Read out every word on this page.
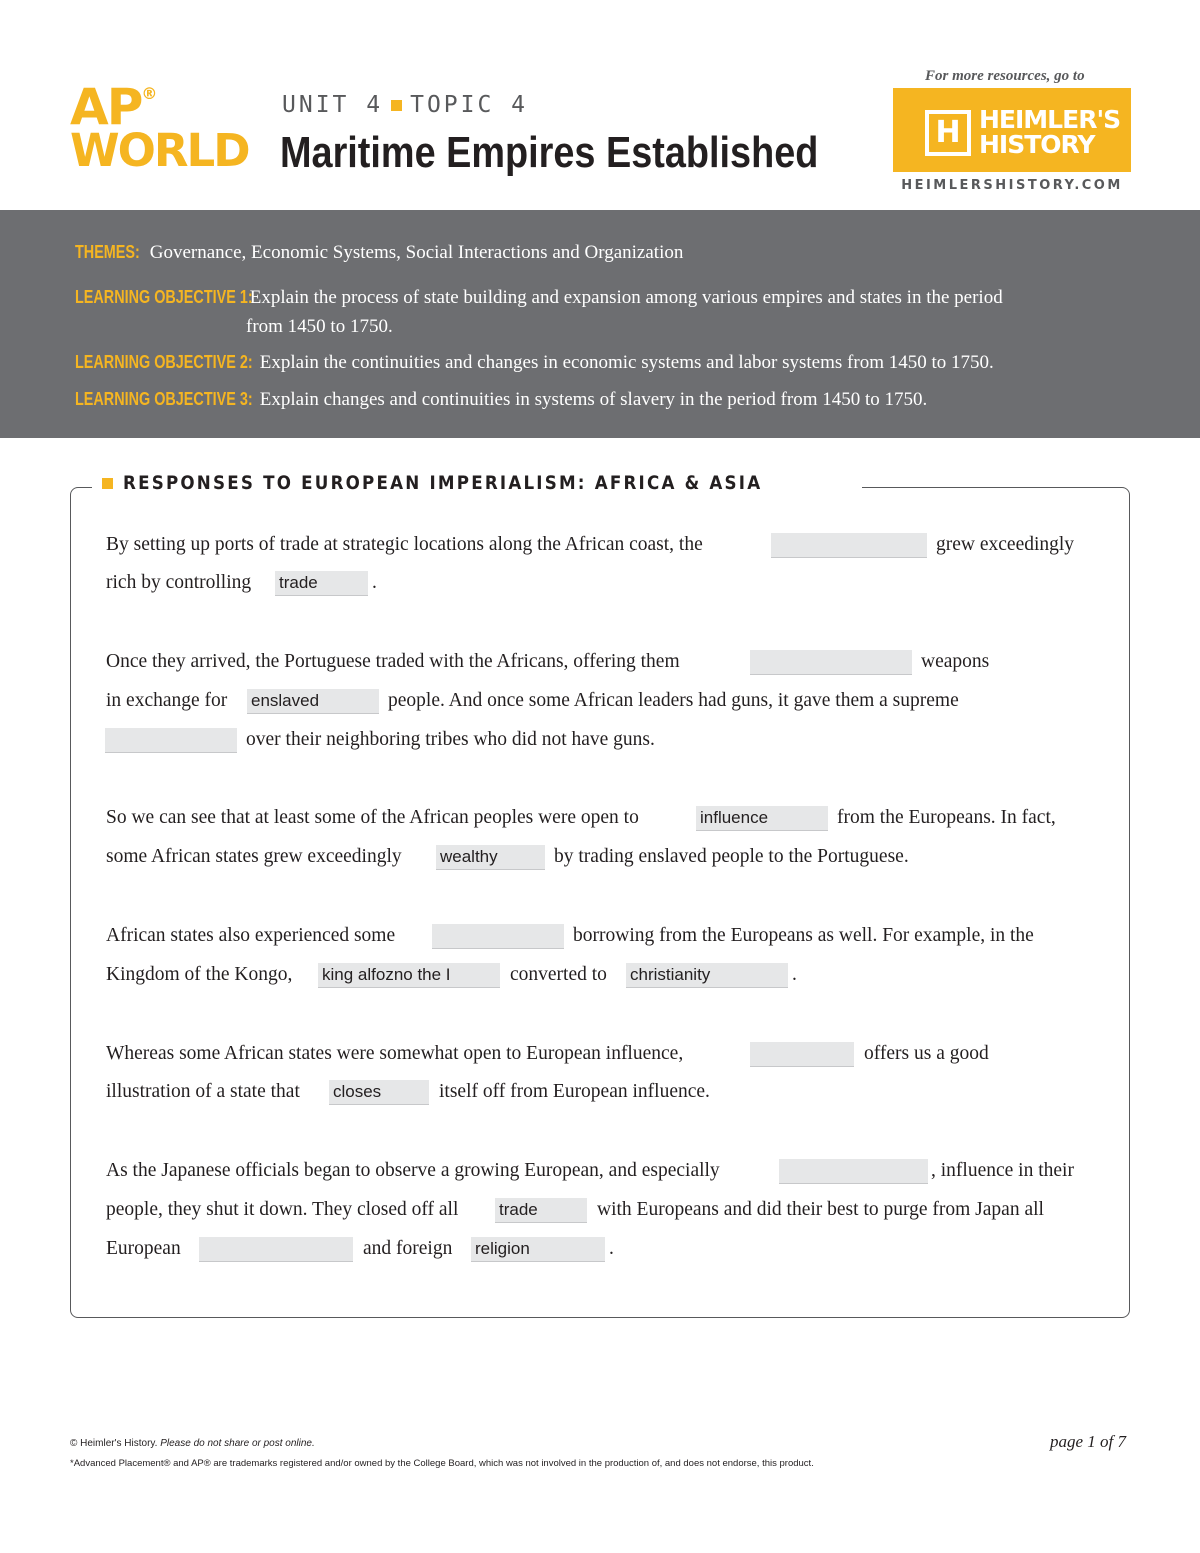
AP®
WORLD
UNIT 4 TOPIC 4
Maritime Empires Established
For more resources, go to
H HEIMLER'S
HISTORY
HEIMLERSHISTORY.COM
THEMES: Governance, Economic Systems, Social Interactions and Organization
LEARNING OBJECTIVE 1: Explain the process of state building and expansion among various empires and states in the period
from 1450 to 1750.
LEARNING OBJECTIVE 2: Explain the continuities and changes in economic systems and labor systems from 1450 to 1750.
LEARNING OBJECTIVE 3: Explain changes and continuities in systems of slavery in the period from 1450 to 1750.
RESPONSES TO EUROPEAN IMPERIALISM: AFRICA & ASIA
By setting up ports of trade at strategic locations along the African coast, the	grew exceedingly
rich by controlling trade	.
Once they arrived, the Portuguese traded with the Africans, offering them	weapons
in exchange for enslaved	people. And once some African leaders had guns, it gave them a supreme
over their neighboring tribes who did not have guns.
So we can see that at least some of the African peoples were open to	influence	from the Europeans. In fact,
some African states grew exceedingly wealthy	by trading enslaved people to the Portuguese.
African states also experienced some	borrowing from the Europeans as well. For example, in the
Kingdom of the Kongo, king alfozno the I	converted to christianity	.
Whereas some African states were somewhat open to European influence,	offers us a good
illustration of a state that closes	itself off from European influence.
As the Japanese officials began to observe a growing European, and especially	, influence in their
people, they shut it down. They closed off all trade	with Europeans and did their best to purge from Japan all
European	and foreign religion	.
© Heimler's History. Please do not share or post online.
*Advanced Placement® and AP® are trademarks registered and/or owned by the College Board, which was not involved in the production of, and does not endorse, this product.
page 1 of 7
